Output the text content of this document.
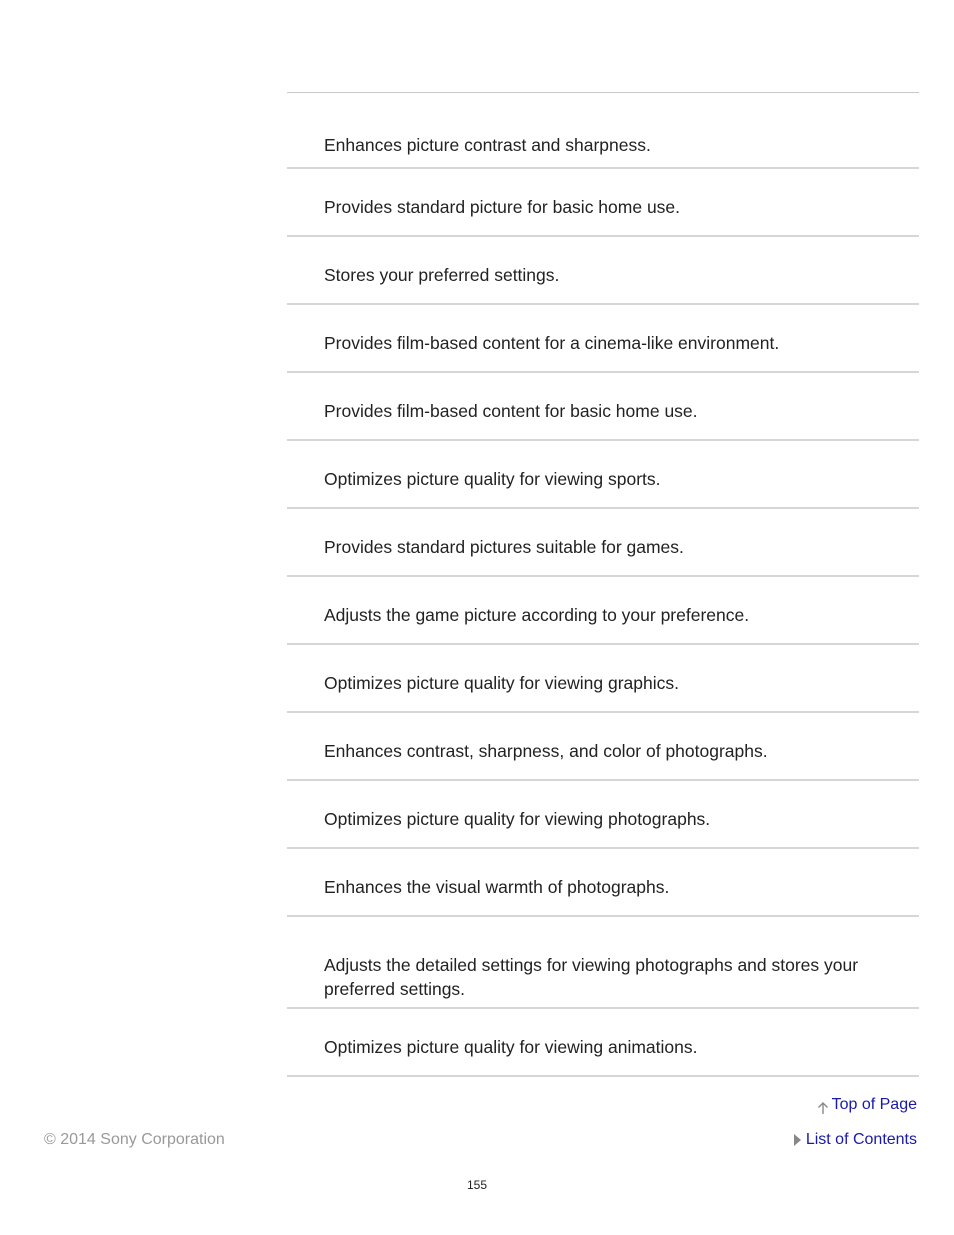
Enhances picture contrast and sharpness.
Provides standard picture for basic home use.
Stores your preferred settings.
Provides film-based content for a cinema-like environment.
Provides film-based content for basic home use.
Optimizes picture quality for viewing sports.
Provides standard pictures suitable for games.
Adjusts the game picture according to your preference.
Optimizes picture quality for viewing graphics.
Enhances contrast, sharpness, and color of photographs.
Optimizes picture quality for viewing photographs.
Enhances the visual warmth of photographs.
Adjusts the detailed settings for viewing photographs and stores your preferred settings.
Optimizes picture quality for viewing animations.
Top of Page
List of Contents
© 2014 Sony Corporation
155
